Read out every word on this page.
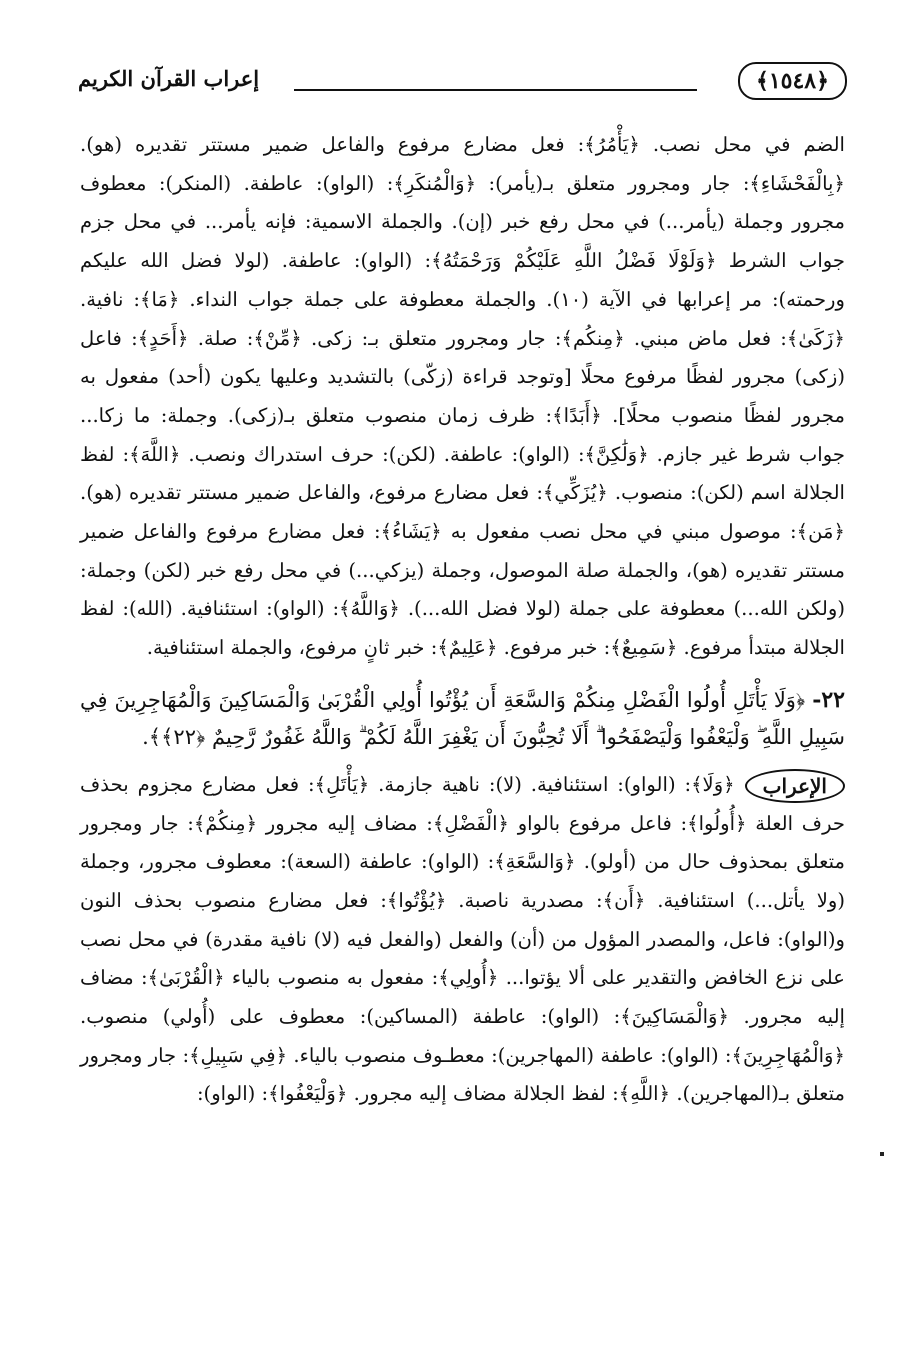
﴿١٥٤٨﴾
إعراب القرآن الكريم

الضم في محل نصب. ﴿يَأْمُرُ﴾: فعل مضارع مرفوع والفاعل ضمير مستتر تقديره (هو). ﴿بِالْفَحْشَاءِ﴾: جار ومجرور متعلق بـ(يأمر): ﴿وَالْمُنكَرِ﴾: (الواو): عاطفة. (المنكر): معطوف مجرور وجملة (يأمر...) في محل رفع خبر (إن). والجملة الاسمية: فإنه يأمر... في محل جزم جواب الشرط ﴿وَلَوْلَا فَضْلُ اللَّهِ عَلَيْكُمْ وَرَحْمَتُهُ﴾: (الواو): عاطفة. (لولا فضل الله عليكم ورحمته): مر إعرابها في الآية (١٠). والجملة معطوفة على جملة جواب النداء. ﴿مَا﴾: نافية. ﴿زَكَىٰ﴾: فعل ماض مبني. ﴿مِنكُم﴾: جار ومجرور متعلق بـ: زكى. ﴿مِّنْ﴾: صلة. ﴿أَحَدٍ﴾: فاعل (زكى) مجرور لفظًا مرفوع محلًا [وتوجد قراءة (زكّى) بالتشديد وعليها يكون (أحد) مفعول به مجرور لفظًا منصوب محلًا]. ﴿أَبَدًا﴾: ظرف زمان منصوب متعلق بـ(زكى). وجملة: ما زكا... جواب شرط غير جازم. ﴿وَلَٰكِنَّ﴾: (الواو): عاطفة. (لكن): حرف استدراك ونصب. ﴿اللَّهَ﴾: لفظ الجلالة اسم (لكن): منصوب. ﴿يُزَكِّي﴾: فعل مضارع مرفوع، والفاعل ضمير مستتر تقديره (هو). ﴿مَن﴾: موصول مبني في محل نصب مفعول به ﴿يَشَاءُ﴾: فعل مضارع مرفوع والفاعل ضمير مستتر تقديره (هو)، والجملة صلة الموصول، وجملة (يزكي...) في محل رفع خبر (لكن) وجملة: (ولكن الله...) معطوفة على جملة (لولا فضل الله...). ﴿وَاللَّهُ﴾: (الواو): استئنافية. (الله): لفظ الجلالة مبتدأ مرفوع. ﴿سَمِيعٌ﴾: خبر مرفوع. ﴿عَلِيمٌ﴾: خبر ثانٍ مرفوع، والجملة استئنافية.

٢٢- ﴿وَلَا يَأْتَلِ أُولُوا الْفَضْلِ مِنكُمْ وَالسَّعَةِ أَن يُؤْتُوا أُولِي الْقُرْبَىٰ وَالْمَسَاكِينَ وَالْمُهَاجِرِينَ فِي سَبِيلِ اللَّهِ ۖ وَلْيَعْفُوا وَلْيَصْفَحُوا ۗ أَلَا تُحِبُّونَ أَن يَغْفِرَ اللَّهُ لَكُمْ ۗ وَاللَّهُ غَفُورٌ رَّحِيمٌ ﴿٢٢﴾﴾.

الإعراب
﴿وَلَا﴾: (الواو): استئنافية. (لا): ناهية جازمة. ﴿يَأْتَلِ﴾: فعل مضارع مجزوم بحذف حرف العلة ﴿أُولُوا﴾: فاعل مرفوع بالواو ﴿الْفَضْلِ﴾: مضاف إليه مجرور ﴿مِنكُمْ﴾: جار ومجرور متعلق بمحذوف حال من (أولو). ﴿وَالسَّعَةِ﴾: (الواو): عاطفة (السعة): معطوف مجرور، وجملة (ولا يأتل...) استئنافية. ﴿أَن﴾: مصدرية ناصبة. ﴿يُؤْتُوا﴾: فعل مضارع منصوب بحذف النون و(الواو): فاعل، والمصدر المؤول من (أن) والفعل (والفعل فيه (لا) نافية مقدرة) في محل نصب على نزع الخافض والتقدير على ألا يؤتوا... ﴿أُولِي﴾: مفعول به منصوب بالياء ﴿الْقُرْبَىٰ﴾: مضاف إليه مجرور. ﴿وَالْمَسَاكِينَ﴾: (الواو): عاطفة (المساكين): معطوف على (أُولي) منصوب. ﴿وَالْمُهَاجِرِينَ﴾: (الواو): عاطفة (المهاجرين): معطـوف منصوب بالياء. ﴿فِي سَبِيلِ﴾: جار ومجرور متعلق بـ(المهاجرين). ﴿اللَّهِ﴾: لفظ الجلالة مضاف إليه مجرور. ﴿وَلْيَعْفُوا﴾: (الواو):
